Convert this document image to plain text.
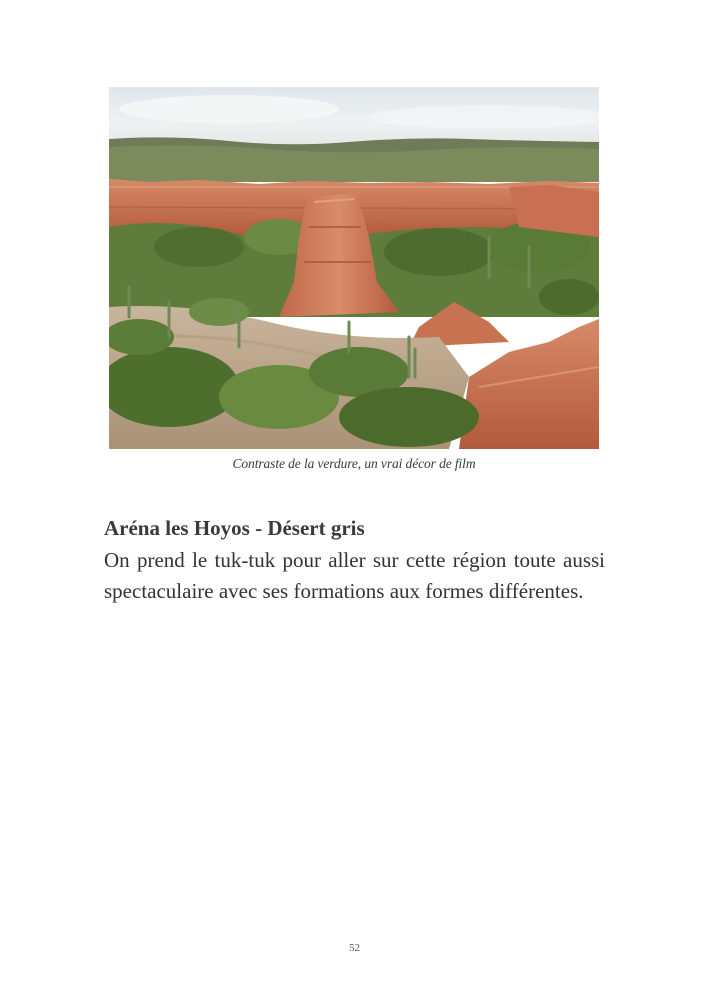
Contraste de la verdure, un vrai décor de film
Aréna les Hoyos - Désert gris

On prend le tuk-tuk pour aller sur cette région toute aussi spectaculaire avec ses formations aux formes différentes.

52
